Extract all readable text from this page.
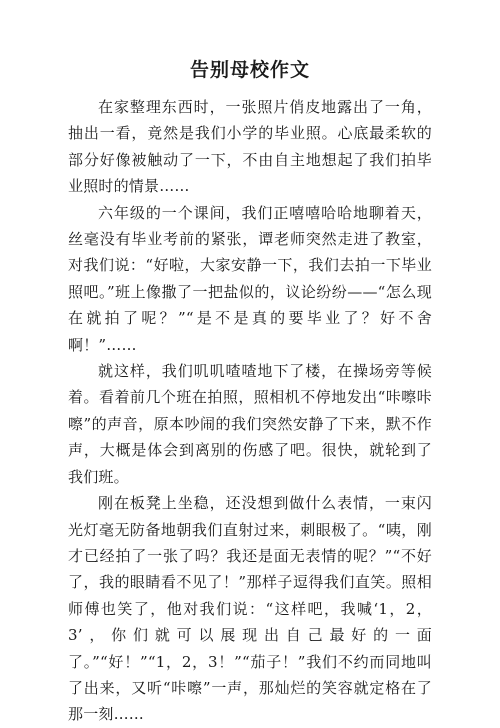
告别母校作文

在家整理东西时，一张照片俏皮地露出了一角，抽出一看，竟然是我们小学的毕业照。心底最柔软的部分好像被触动了一下，不由自主地想起了我们拍毕业照时的情景……

六年级的一个课间，我们正嘻嘻哈哈地聊着天，丝毫没有毕业考前的紧张，谭老师突然走进了教室，对我们说：“好啦，大家安静一下，我们去拍一下毕业照吧。”班上像撒了一把盐似的，议论纷纷——“怎么现在就拍了呢？”“是不是真的要毕业了？好不舍啊！”……

就这样，我们叽叽喳喳地下了楼，在操场旁等候着。看着前几个班在拍照，照相机不停地发出“咔嚓咔嚓”的声音，原本吵闹的我们突然安静了下来，默不作声，大概是体会到离别的伤感了吧。很快，就轮到了我们班。

刚在板凳上坐稳，还没想到做什么表情，一束闪光灯毫无防备地朝我们直射过来，刺眼极了。“咦，刚才已经拍了一张了吗？我还是面无表情的呢？”“不好了，我的眼睛看不见了！”那样子逗得我们直笑。照相师傅也笑了，他对我们说：“这样吧，我喊‘1，2，3’，你们就可以展现出自己最好的一面了。”“好！”“1，2，3！”“茄子！”我们不约而同地叫了出来，又听“咔嚓”一声，那灿烂的笑容就定格在了那一刻……
